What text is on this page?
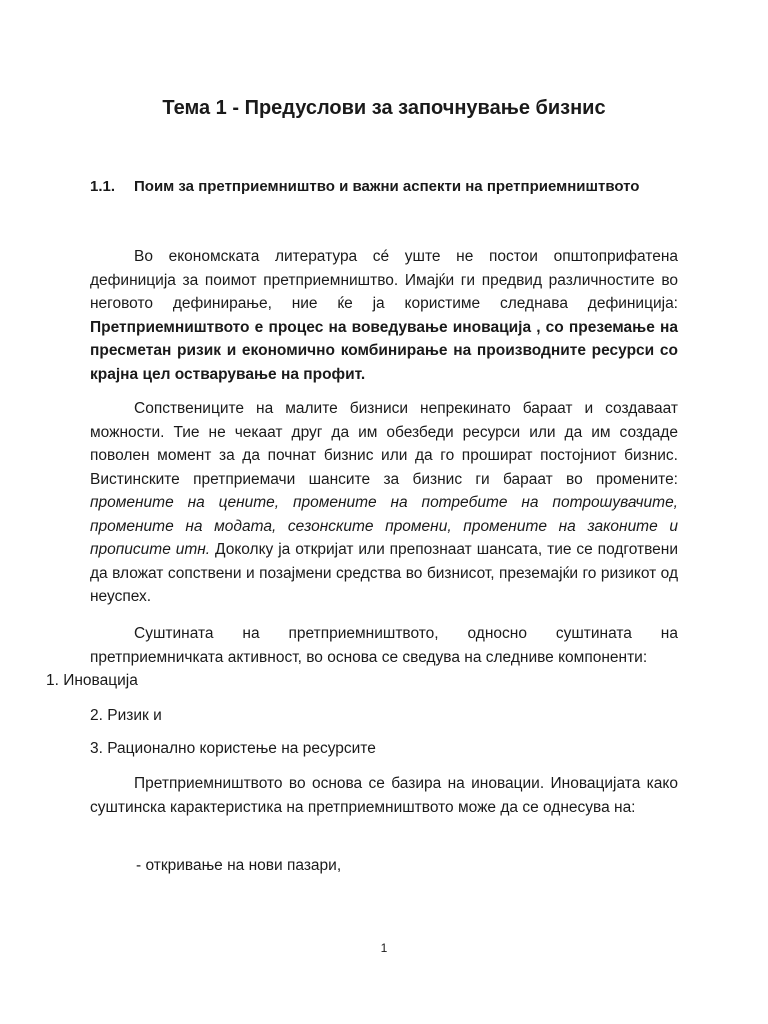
Тема 1 - Предуслови за започнување бизнис
1.1. Поим за претприемништво и важни аспекти на претприемништвото

Во економската литература сé уште не постои општоприфатена дефиниција за поимот претприемништво. Имајќи ги предвид различностите во неговото дефинирање, ние ќе ја користиме следнава дефиниција: Претприемништвото е процес на воведување иновација , со преземање на пресметан ризик и економично комбинирање на производните ресурси со крајна цел остварување на профит.

Сопствениците на малите бизниси непрекинато бараат и создаваат можности. Тие не чекаат друг да им обезбеди ресурси или да им создаде поволен момент за да почнат бизнис или да го прошират постојниот бизнис. Вистинските претприемачи шансите за бизнис ги бараат во промените: промените на цените, промените на потребите на потрошувачите, промените на модата, сезонските промени, промените на законите и прописите итн. Доколку ја откријат или препознаат шансата, тие се подготвени да вложат сопствени и позајмени средства во бизнисот, преземајќи го ризикот од неуспех.

Суштината на претприемништвото, односно суштината на претприемничката активност, во основа се сведува на следниве компоненти:
1. Иновација

2. Ризик и

3. Рационално користење на ресурсите

Претприемништвото во основа се базира на иновации. Иновацијата како суштинска карактеристика на претприемништвото може да се однесува на:

- откривање на нови пазари,

1
